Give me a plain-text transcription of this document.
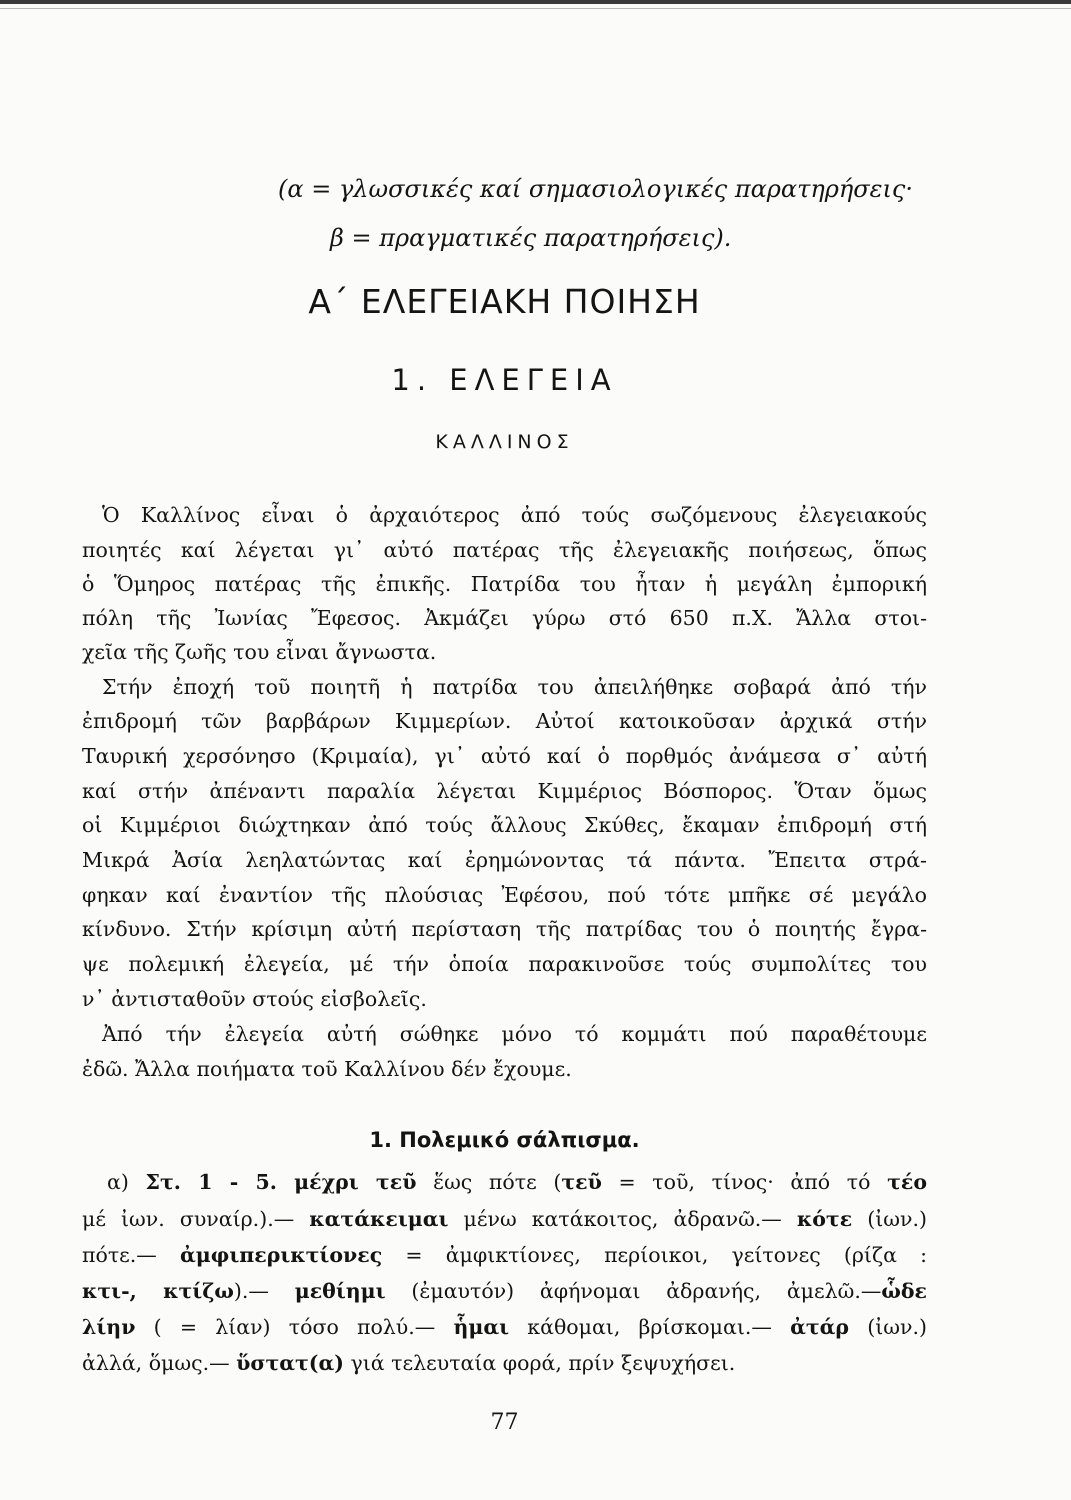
(α = γλωσσικές καί σημασιολογικές παρατηρήσεις·
β = πραγματικές παρατηρήσεις).
Α΄ ΕΛΕΓΕΙΑΚΗ ΠΟΙΗΣΗ
1. ΕΛΕΓΕΙΑ
ΚΑΛΛΙΝΟΣ
Ὁ Καλλίνος εἶναι ὁ ἀρχαιότερος ἀπό τούς σωζόμενους ἐλεγειακούς
ποιητές καί λέγεται γι᾿ αὐτό πατέρας τῆς ἐλεγειακῆς ποιήσεως, ὅπως
ὁ Ὅμηρος πατέρας τῆς ἐπικῆς. Πατρίδα του ἦταν ἡ μεγάλη ἐμπορική
πόλη τῆς Ἰωνίας Ἔφεσος. Ἀκμάζει γύρω στό 650 π.Χ. Ἄλλα στοι-
χεῖα τῆς ζωῆς του εἶναι ἄγνωστα.
Στήν ἐποχή τοῦ ποιητῆ ἡ πατρίδα του ἀπειλήθηκε σοβαρά ἀπό τήν
ἐπιδρομή τῶν βαρβάρων Κιμμερίων. Αὐτοί κατοικοῦσαν ἀρχικά στήν
Ταυρική χερσόνησο (Κριμαία), γι᾿ αὐτό καί ὁ πορθμός ἀνάμεσα σ᾿ αὐτή
καί στήν ἀπέναντι παραλία λέγεται Κιμμέριος Βόσπορος. Ὅταν ὅμως
οἱ Κιμμέριοι διώχτηκαν ἀπό τούς ἄλλους Σκύθες, ἔκαμαν ἐπιδρομή στή
Μικρά Ἀσία λεηλατώντας καί ἐρημώνοντας τά πάντα. Ἔπειτα στρά-
φηκαν καί ἐναντίον τῆς πλούσιας Ἐφέσου, πού τότε μπῆκε σέ μεγάλο
κίνδυνο. Στήν κρίσιμη αὐτή περίσταση τῆς πατρίδας του ὁ ποιητής ἔγρα-
ψε πολεμική ἐλεγεία, μέ τήν ὁποία παρακινοῦσε τούς συμπολίτες του
ν᾿ ἀντισταθοῦν στούς εἰσβολεῖς.
Ἀπό τήν ἐλεγεία αὐτή σώθηκε μόνο τό κομμάτι πού παραθέτουμε
ἐδῶ. Ἄλλα ποιήματα τοῦ Καλλίνου δέν ἔχουμε.
1. Πολεμικό σάλπισμα.
α) Στ. 1 - 5. μέχρι τεῦ ἕως πότε (τεῦ = τοῦ, τίνος· ἀπό τό τέο
μέ ἰων. συναίρ.).— κατάκειμαι μένω κατάκοιτος, ἀδρανῶ.— κότε (ἰων.)
πότε.— ἀμφιπερικτίονες = ἀμφικτίονες, περίοικοι, γείτονες (ρίζα :
κτι-, κτίζω).— μεθίημι (ἐμαυτόν) ἀφήνομαι ἀδρανής, ἀμελῶ.—ὧδε
λίην ( = λίαν) τόσο πολύ.— ἧμαι κάθομαι, βρίσκομαι.— ἀτάρ (ἰων.)
ἀλλά, ὅμως.— ὕστατ(α) γιά τελευταία φορά, πρίν ξεψυχήσει.
77
